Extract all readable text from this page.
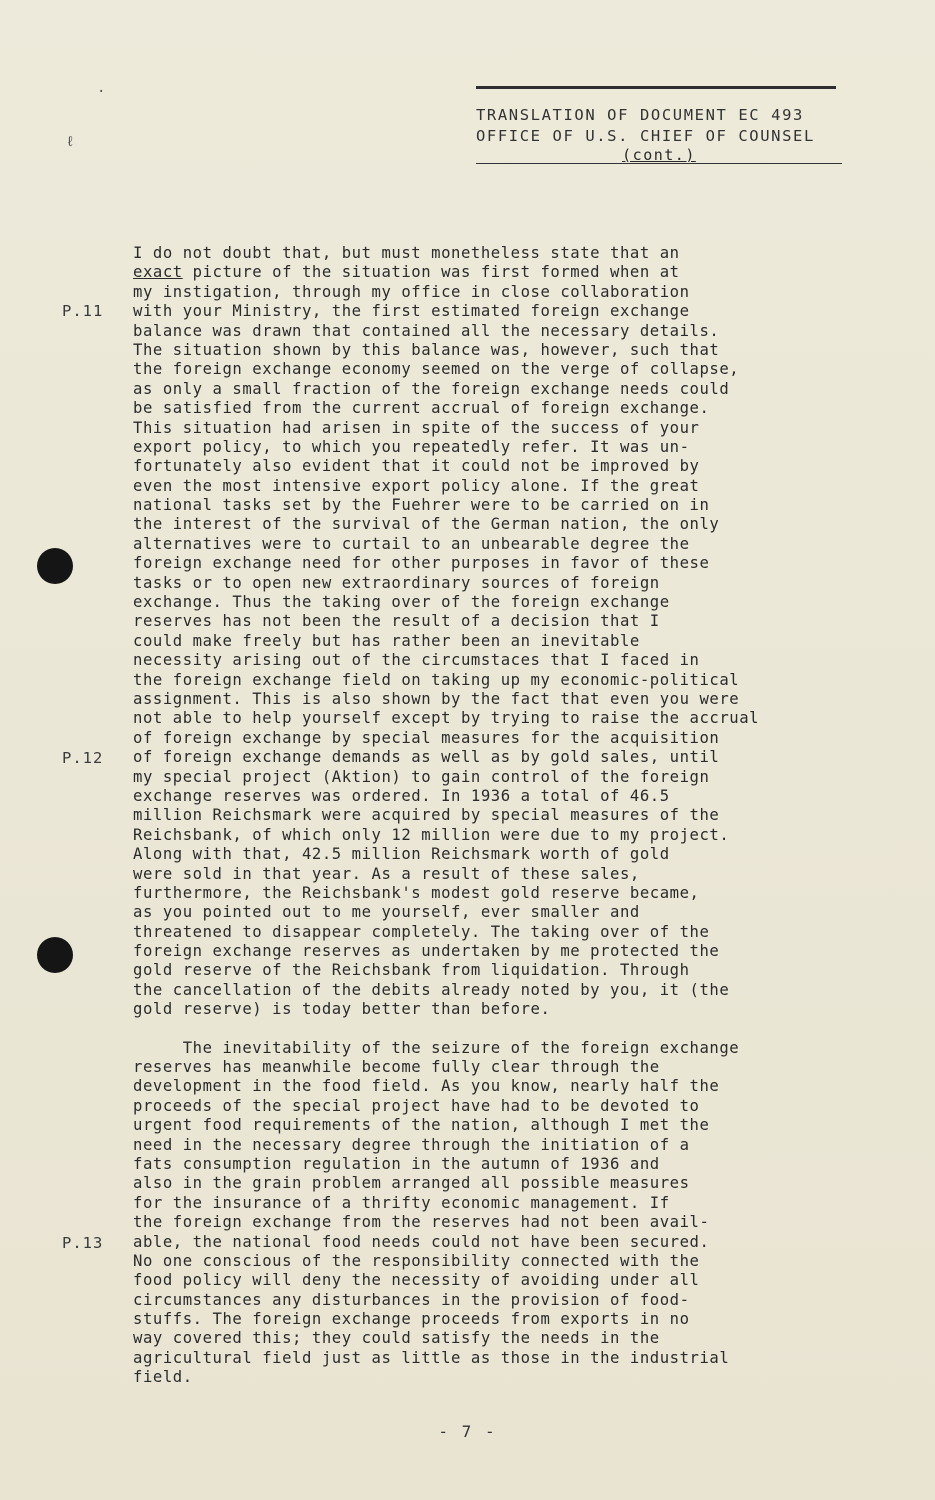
·
ℓ
TRANSLATION OF DOCUMENT EC 493
OFFICE OF U.S. CHIEF OF COUNSEL
(cont.)
P.11
P.12
P.13
I do not doubt that, but must monetheless state that an
exact picture of the situation was first formed when at
my instigation, through my office in close collaboration
with your Ministry, the first estimated foreign exchange
balance was drawn that contained all the necessary details.
The situation shown by this balance was, however, such that
the foreign exchange economy seemed on the verge of collapse,
as only a small fraction of the foreign exchange needs could
be satisfied from the current accrual of foreign exchange.
This situation had arisen in spite of the success of your
export policy, to which you repeatedly refer. It was un-
fortunately also evident that it could not be improved by
even the most intensive export policy alone. If the great
national tasks set by the Fuehrer were to be carried on in
the interest of the survival of the German nation, the only
alternatives were to curtail to an unbearable degree the
foreign exchange need for other purposes in favor of these
tasks or to open new extraordinary sources of foreign
exchange. Thus the taking over of the foreign exchange
reserves has not been the result of a decision that I
could make freely but has rather been an inevitable
necessity arising out of the circumstaces that I faced in
the foreign exchange field on taking up my economic-political
assignment. This is also shown by the fact that even you were
not able to help yourself except by trying to raise the accrual
of foreign exchange by special measures for the acquisition
of foreign exchange demands as well as by gold sales, until
my special project (Aktion) to gain control of the foreign
exchange reserves was ordered. In 1936 a total of 46.5
million Reichsmark were acquired by special measures of the
Reichsbank, of which only 12 million were due to my project.
Along with that, 42.5 million Reichsmark worth of gold
were sold in that year. As a result of these sales,
furthermore, the Reichsbank's modest gold reserve became,
as you pointed out to me yourself, ever smaller and
threatened to disappear completely. The taking over of the
foreign exchange reserves as undertaken by me protected the
gold reserve of the Reichsbank from liquidation. Through
the cancellation of the debits already noted by you, it (the
gold reserve) is today better than before.
The inevitability of the seizure of the foreign exchange
reserves has meanwhile become fully clear through the
development in the food field. As you know, nearly half the
proceeds of the special project have had to be devoted to
urgent food requirements of the nation, although I met the
need in the necessary degree through the initiation of a
fats consumption regulation in the autumn of 1936 and
also in the grain problem arranged all possible measures
for the insurance of a thrifty economic management. If
the foreign exchange from the reserves had not been avail-
able, the national food needs could not have been secured.
No one conscious of the responsibility connected with the
food policy will deny the necessity of avoiding under all
circumstances any disturbances in the provision of food-
stuffs. The foreign exchange proceeds from exports in no
way covered this; they could satisfy the needs in the
agricultural field just as little as those in the industrial
field.
- 7 -
